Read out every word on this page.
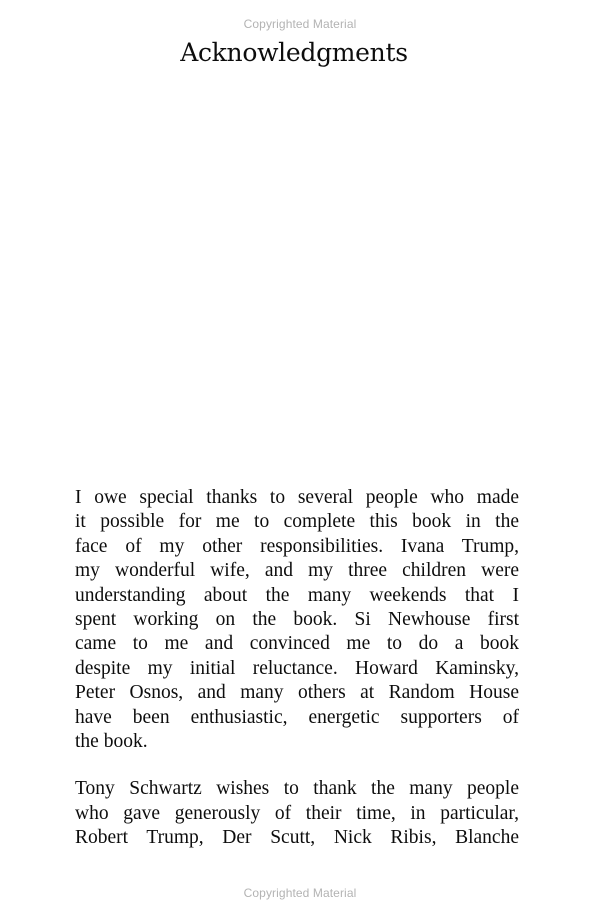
Copyrighted Material
Acknowledgments

I owe special thanks to several people who made
it possible for me to complete this book in the
face of my other responsibilities. Ivana Trump,
my wonderful wife, and my three children were
understanding about the many weekends that I
spent working on the book. Si Newhouse first
came to me and convinced me to do a book
despite my initial reluctance. Howard Kaminsky,
Peter Osnos, and many others at Random House
have been enthusiastic, energetic supporters of
the book.

Tony Schwartz wishes to thank the many people
who gave generously of their time, in particular,
Robert Trump, Der Scutt, Nick Ribis, Blanche

Copyrighted Material
